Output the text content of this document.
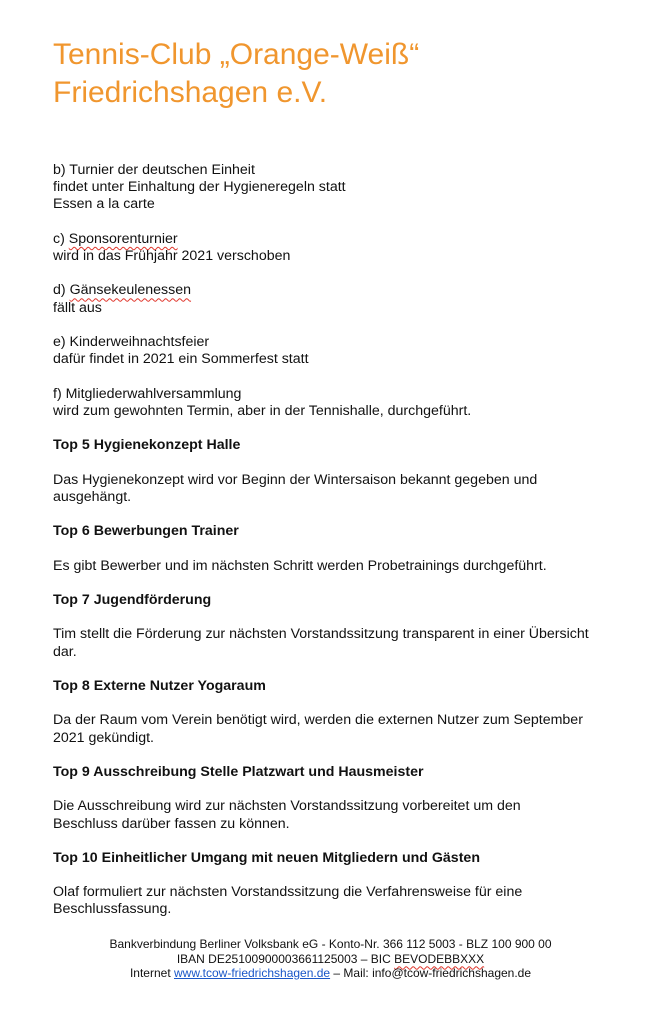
Tennis-Club „Orange-Weiß“
Friedrichshagen e.V.
b) Turnier der deutschen Einheit
findet unter Einhaltung der Hygieneregeln statt
Essen a la carte
c) Sponsorenturnier
wird in das Frühjahr 2021 verschoben
d) Gänsekeulenessen
fällt aus
e) Kinderweihnachtsfeier
dafür findet in 2021 ein Sommerfest statt
f) Mitgliederwahlversammlung
wird zum gewohnten Termin, aber in der Tennishalle, durchgeführt.
Top 5 Hygienekonzept Halle
Das Hygienekonzept wird vor Beginn der Wintersaison bekannt gegeben und
ausgehängt.
Top 6 Bewerbungen Trainer
Es gibt Bewerber und im nächsten Schritt werden Probetrainings durchgeführt.
Top 7 Jugendförderung
Tim stellt die Förderung zur nächsten Vorstandssitzung transparent in einer Übersicht
dar.
Top 8 Externe Nutzer Yogaraum
Da der Raum vom Verein benötigt wird, werden die externen Nutzer zum September
2021 gekündigt.
Top 9 Ausschreibung Stelle Platzwart und Hausmeister
Die Ausschreibung wird zur nächsten Vorstandssitzung vorbereitet um den
Beschluss darüber fassen zu können.
Top 10 Einheitlicher Umgang mit neuen Mitgliedern und Gästen
Olaf formuliert zur nächsten Vorstandssitzung die Verfahrensweise für eine
Beschlussfassung.
Bankverbindung Berliner Volksbank eG - Konto-Nr. 366 112 5003 - BLZ 100 900 00
IBAN DE25100900003661125003 – BIC BEVODEBBXXX
Internet www.tcow-friedrichshagen.de – Mail: info@tcow-friedrichshagen.de
